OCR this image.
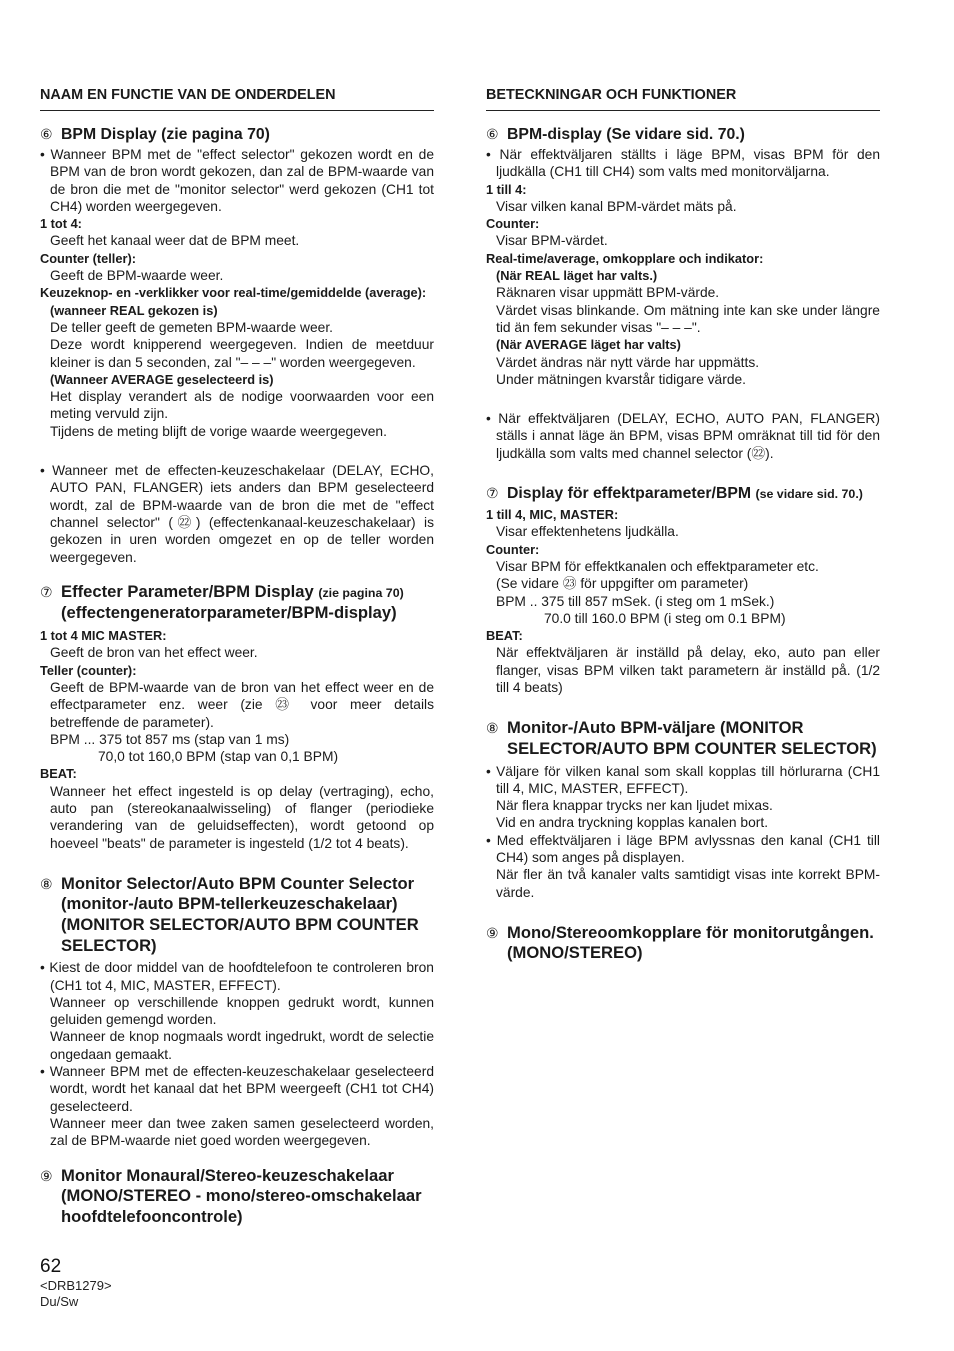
NAAM EN FUNCTIE VAN DE ONDERDELEN
⑥ BPM Display (zie pagina 70)
• Wanneer BPM met de "effect selector" gekozen wordt en de BPM van de bron wordt gekozen, dan zal de BPM-waarde van de bron die met de "monitor selector" werd gekozen (CH1 tot CH4) worden weergegeven.
1 tot 4:
Geeft het kanaal weer dat de BPM meet.
Counter (teller):
Geeft de BPM-waarde weer.
Keuzeknop- en -verklikker voor real-time/gemiddelde (average):
(wanneer REAL gekozen is)
De teller geeft de gemeten BPM-waarde weer.
Deze wordt knipperend weergegeven. Indien de meetduur kleiner is dan 5 seconden, zal "– – –" worden weergegeven.
(Wanneer AVERAGE geselecteerd is)
Het display verandert als de nodige voorwaarden voor een meting vervuld zijn.
Tijdens de meting blijft de vorige waarde weergegeven.
• Wanneer met de effecten-keuzeschakelaar (DELAY, ECHO, AUTO PAN, FLANGER) iets anders dan BPM geselecteerd wordt, zal de BPM-waarde van de bron die met de "effect channel selector" (㉒) (effectenkanaal-keuzeschakelaar) is gekozen in uren worden omgezet en op de teller worden weergegeven.
⑦ Effecter Parameter/BPM Display (zie pagina 70)
(effectengeneratorparameter/BPM-display)
1 tot 4 MIC MASTER:
Geeft de bron van het effect weer.
Teller (counter):
Geeft de BPM-waarde van de bron van het effect weer en de effectparameter enz. weer (zie ㉓ voor meer details betreffende de parameter).
BPM ... 375 tot 857 ms (stap van 1 ms)
70,0 tot 160,0 BPM (stap van 0,1 BPM)
BEAT:
Wanneer het effect ingesteld is op delay (vertraging), echo, auto pan (stereokanaalwisseling) of flanger (periodieke verandering van de geluidseffecten), wordt getoond op hoeveel "beats" de parameter is ingesteld (1/2 tot 4 beats).
⑧ Monitor Selector/Auto BPM Counter Selector (monitor-/auto BPM-tellerkeuzeschakelaar) (MONITOR SELECTOR/AUTO BPM COUNTER SELECTOR)
• Kiest de door middel van de hoofdtelefoon te controleren bron (CH1 tot 4, MIC, MASTER, EFFECT).
Wanneer op verschillende knoppen gedrukt wordt, kunnen geluiden gemengd worden.
Wanneer de knop nogmaals wordt ingedrukt, wordt de selectie ongedaan gemaakt.
• Wanneer BPM met de effecten-keuzeschakelaar geselecteerd wordt, wordt het kanaal dat het BPM weergeeft (CH1 tot CH4) geselecteerd.
Wanneer meer dan twee zaken samen geselecteerd worden, zal de BPM-waarde niet goed worden weergegeven.
⑨ Monitor Monaural/Stereo-keuzeschakelaar (MONO/STEREO - mono/stereo-omschakelaar hoofdtelefooncontrole)
BETECKNINGAR OCH FUNKTIONER
⑥ BPM-display (Se vidare sid. 70.)
• När effektväljaren ställts i läge BPM, visas BPM för den ljudkälla (CH1 till CH4) som valts med monitorväljarna.
1 till 4:
Visar vilken kanal BPM-värdet mäts på.
Counter:
Visar BPM-värdet.
Real-time/average, omkopplare och indikator:
(När REAL läget har valts.)
Räknaren visar uppmätt BPM-värde.
Värdet visas blinkande. Om mätning inte kan ske under längre tid än fem sekunder visas "– – –".
(När AVERAGE läget har valts)
Värdet ändras när nytt värde har uppmätts.
Under mätningen kvarstår tidigare värde.
• När effektväljaren (DELAY, ECHO, AUTO PAN, FLANGER) ställs i annat läge än BPM, visas BPM omräknat till tid för den ljudkälla som valts med channel selector (㉒).
⑦ Display för effektparameter/BPM (se vidare sid. 70.)
1 till 4, MIC, MASTER:
Visar effektenhetens ljudkälla.
Counter:
Visar BPM för effektkanalen och effektparameter etc.
(Se vidare ㉓ för uppgifter om parameter)
BPM .. 375 till 857 mSek. (i steg om 1 mSek.)
70.0 till 160.0 BPM (i steg om 0.1 BPM)
BEAT:
När effektväljaren är inställd på delay, eko, auto pan eller flanger, visas BPM vilken takt parametern är inställd på. (1/2 till 4 beats)
⑧ Monitor-/Auto BPM-väljare (MONITOR SELECTOR/AUTO BPM COUNTER SELECTOR)
• Väljare för vilken kanal som skall kopplas till hörlurarna (CH1 till 4, MIC, MASTER, EFFECT).
När flera knappar trycks ner kan ljudet mixas.
Vid en andra tryckning kopplas kanalen bort.
• Med effektväljaren i läge BPM avlyssnas den kanal (CH1 till CH4) som anges på displayen.
När fler än två kanaler valts samtidigt visas inte korrekt BPM-värde.
⑨ Mono/Stereoomkopplare för monitorutgången. (MONO/STEREO)
62
<DRB1279>
Du/Sw
